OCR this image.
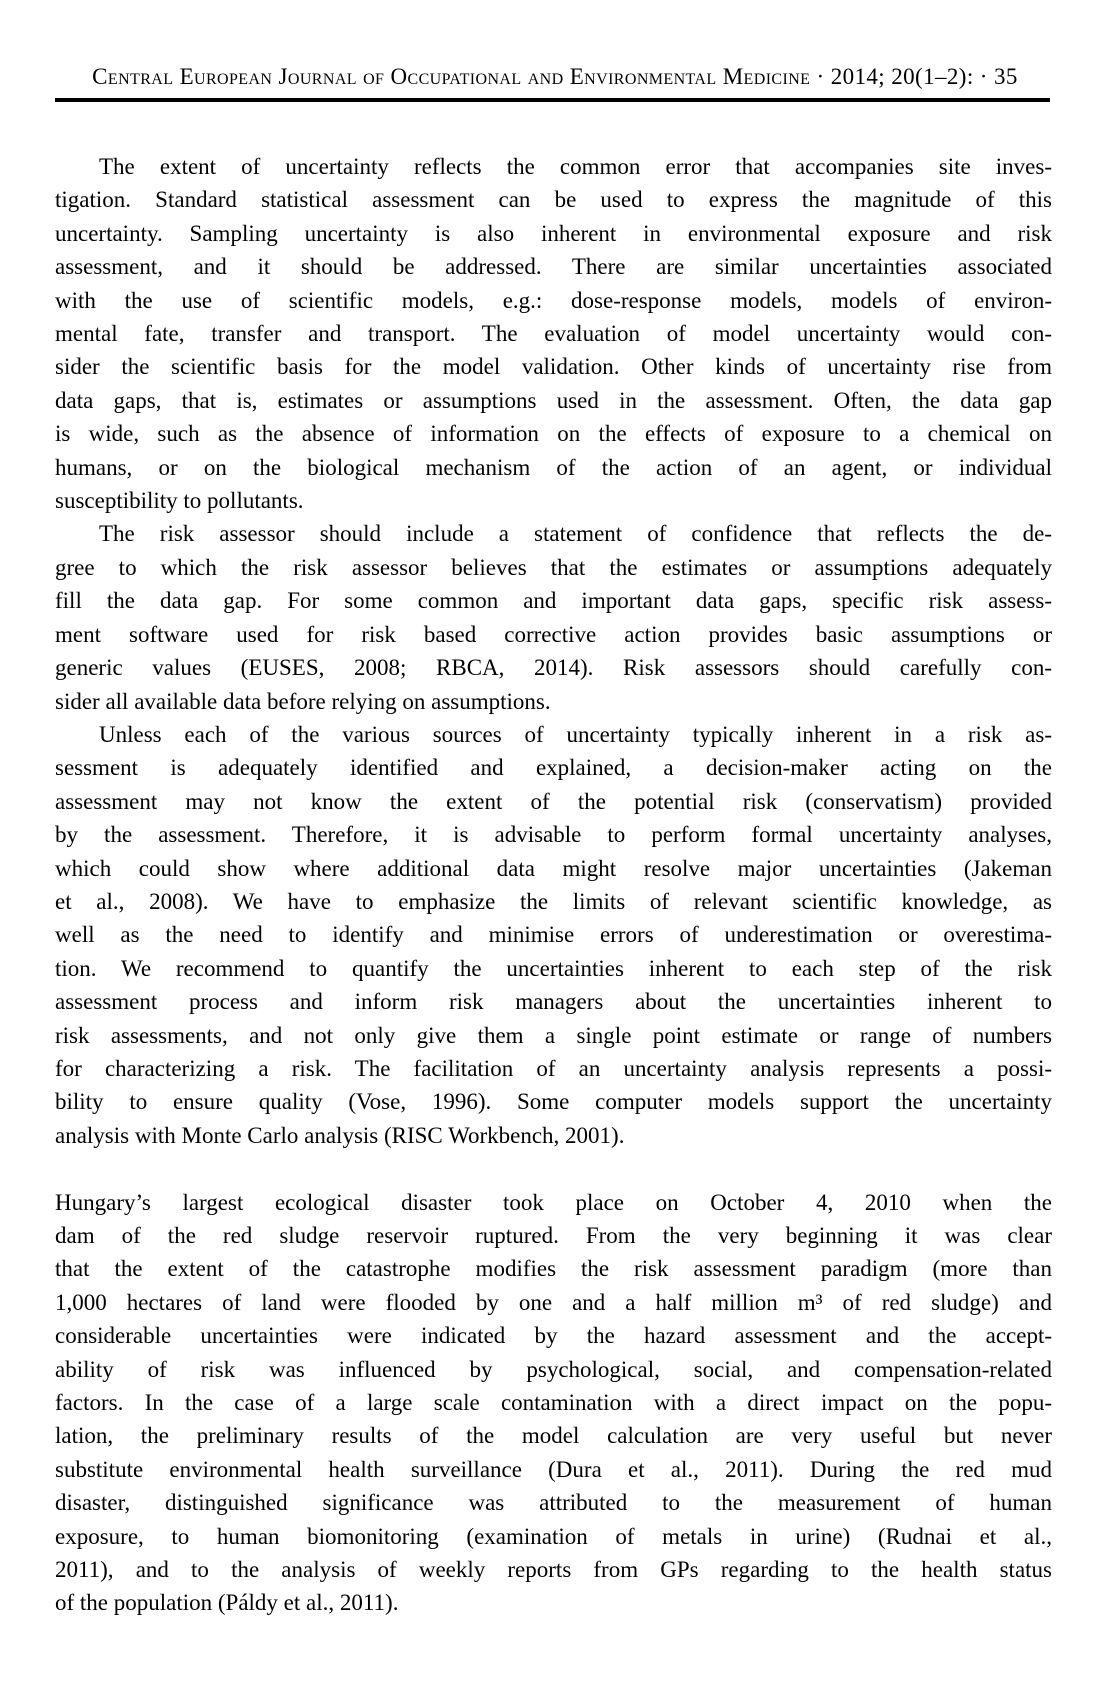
Central European Journal of Occupational and Environmental Medicine · 2014; 20(1–2): · 35
The extent of uncertainty reflects the common error that accompanies site inves-
tigation. Standard statistical assessment can be used to express the magnitude of this
uncertainty. Sampling uncertainty is also inherent in environmental exposure and risk
assessment, and it should be addressed. There are similar uncertainties associated
with the use of scientific models, e.g.: dose-response models, models of environ-
mental fate, transfer and transport. The evaluation of model uncertainty would con-
sider the scientific basis for the model validation. Other kinds of uncertainty rise from
data gaps, that is, estimates or assumptions used in the assessment. Often, the data gap
is wide, such as the absence of information on the effects of exposure to a chemical on
humans, or on the biological mechanism of the action of an agent, or individual
susceptibility to pollutants.
The risk assessor should include a statement of confidence that reflects the de-
gree to which the risk assessor believes that the estimates or assumptions adequately
fill the data gap. For some common and important data gaps, specific risk assess-
ment software used for risk based corrective action provides basic assumptions or
generic values (EUSES, 2008; RBCA, 2014). Risk assessors should carefully con-
sider all available data before relying on assumptions.
Unless each of the various sources of uncertainty typically inherent in a risk as-
sessment is adequately identified and explained, a decision-maker acting on the
assessment may not know the extent of the potential risk (conservatism) provided
by the assessment. Therefore, it is advisable to perform formal uncertainty analyses,
which could show where additional data might resolve major uncertainties (Jakeman
et al., 2008). We have to emphasize the limits of relevant scientific knowledge, as
well as the need to identify and minimise errors of underestimation or overestima-
tion. We recommend to quantify the uncertainties inherent to each step of the risk
assessment process and inform risk managers about the uncertainties inherent to
risk assessments, and not only give them a single point estimate or range of numbers
for characterizing a risk. The facilitation of an uncertainty analysis represents a possi-
bility to ensure quality (Vose, 1996). Some computer models support the uncertainty
analysis with Monte Carlo analysis (RISC Workbench, 2001).
Hungary’s largest ecological disaster took place on October 4, 2010 when the
dam of the red sludge reservoir ruptured. From the very beginning it was clear
that the extent of the catastrophe modifies the risk assessment paradigm (more than
1,000 hectares of land were flooded by one and a half million m³ of red sludge) and
considerable uncertainties were indicated by the hazard assessment and the accept-
ability of risk was influenced by psychological, social, and compensation-related
factors. In the case of a large scale contamination with a direct impact on the popu-
lation, the preliminary results of the model calculation are very useful but never
substitute environmental health surveillance (Dura et al., 2011). During the red mud
disaster, distinguished significance was attributed to the measurement of human
exposure, to human biomonitoring (examination of metals in urine) (Rudnai et al.,
2011), and to the analysis of weekly reports from GPs regarding to the health status
of the population (Páldy et al., 2011).
